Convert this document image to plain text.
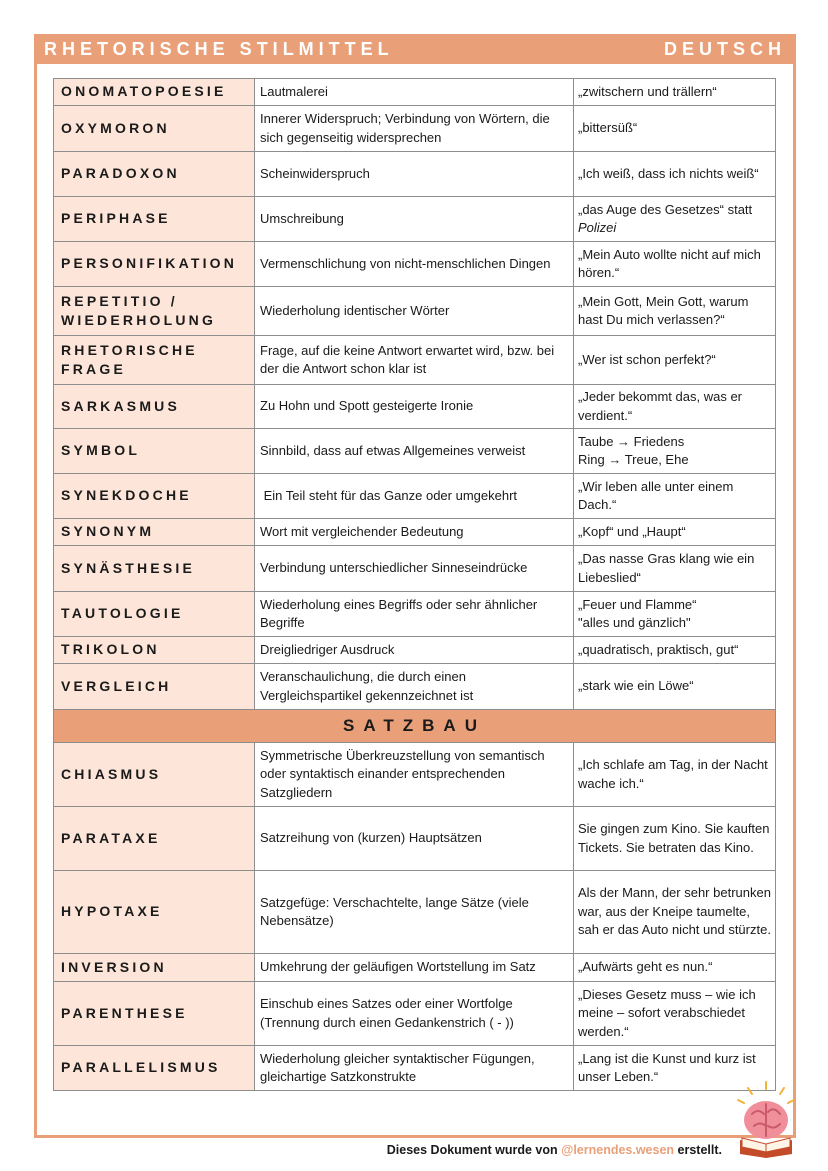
RHETORISCHE STILMITTEL	DEUTSCH
ONOMATOPOESIE	Lautmalerei	„zwitschern und trällern“
OXYMORON	Innerer Widerspruch; Verbindung von Wörtern, die sich gegenseitig widersprechen	„bittersüß“
PARADOXON	Scheinwiderspruch	„Ich weiß, dass ich nichts weiß“
PERIPHASE	Umschreibung	„das Auge des Gesetzes“ statt
Polizei
PERSONIFIKATION	Vermenschlichung von nicht-menschlichen Dingen	„Mein Auto wollte nicht auf mich hören.“
REPETITIO / WIEDERHOLUNG	Wiederholung identischer Wörter	„Mein Gott, Mein Gott, warum hast Du mich verlassen?“
RHETORISCHE FRAGE	Frage, auf die keine Antwort erwartet wird, bzw. bei der die Antwort schon klar ist	„Wer ist schon perfekt?“
SARKASMUS	Zu Hohn und Spott gesteigerte Ironie	„Jeder bekommt das, was er verdient.“
SYMBOL	Sinnbild, dass auf etwas Allgemeines verweist	Taube → Friedens
Ring → Treue, Ehe
SYNEKDOCHE	Ein Teil steht für das Ganze oder umgekehrt	„Wir leben alle unter einem Dach.“
SYNONYM	Wort mit vergleichender Bedeutung	„Kopf“ und „Haupt“
SYNÄSTHESIE	Verbindung unterschiedlicher Sinneseindrücke	„Das nasse Gras klang wie ein Liebeslied“
TAUTOLOGIE	Wiederholung eines Begriffs oder sehr ähnlicher Begriffe	„Feuer und Flamme“
"alles und gänzlich"
TRIKOLON	Dreigliedriger Ausdruck	„quadratisch, praktisch, gut“
VERGLEICH	Veranschaulichung, die durch einen Vergleichspartikel gekennzeichnet ist	„stark wie ein Löwe“
SATZBAU		
CHIASMUS	Symmetrische Überkreuzstellung von semantisch oder syntaktisch einander entsprechenden Satzgliedern	„Ich schlafe am Tag, in der Nacht wache ich.“
PARATAXE	Satzreihung von (kurzen) Hauptsätzen	Sie gingen zum Kino. Sie kauften Tickets. Sie betraten das Kino.
HYPOTAXE	Satzgefüge: Verschachtelte, lange Sätze (viele Nebensätze)	Als der Mann, der sehr betrunken war, aus der Kneipe taumelte, sah er das Auto nicht und stürzte.
INVERSION	Umkehrung der geläufigen Wortstellung im Satz	„Aufwärts geht es nun.“
PARENTHESE	Einschub eines Satzes oder einer Wortfolge (Trennung durch einen Gedankenstrich ( - ))	„Dieses Gesetz muss – wie ich meine – sofort verabschiedet werden.“
PARALLELISMUS	Wiederholung gleicher syntaktischer Fügungen, gleichartige Satzkonstrukte	„Lang ist die Kunst und kurz ist unser Leben.“
Dieses Dokument wurde von @lernendes.wesen erstellt.
